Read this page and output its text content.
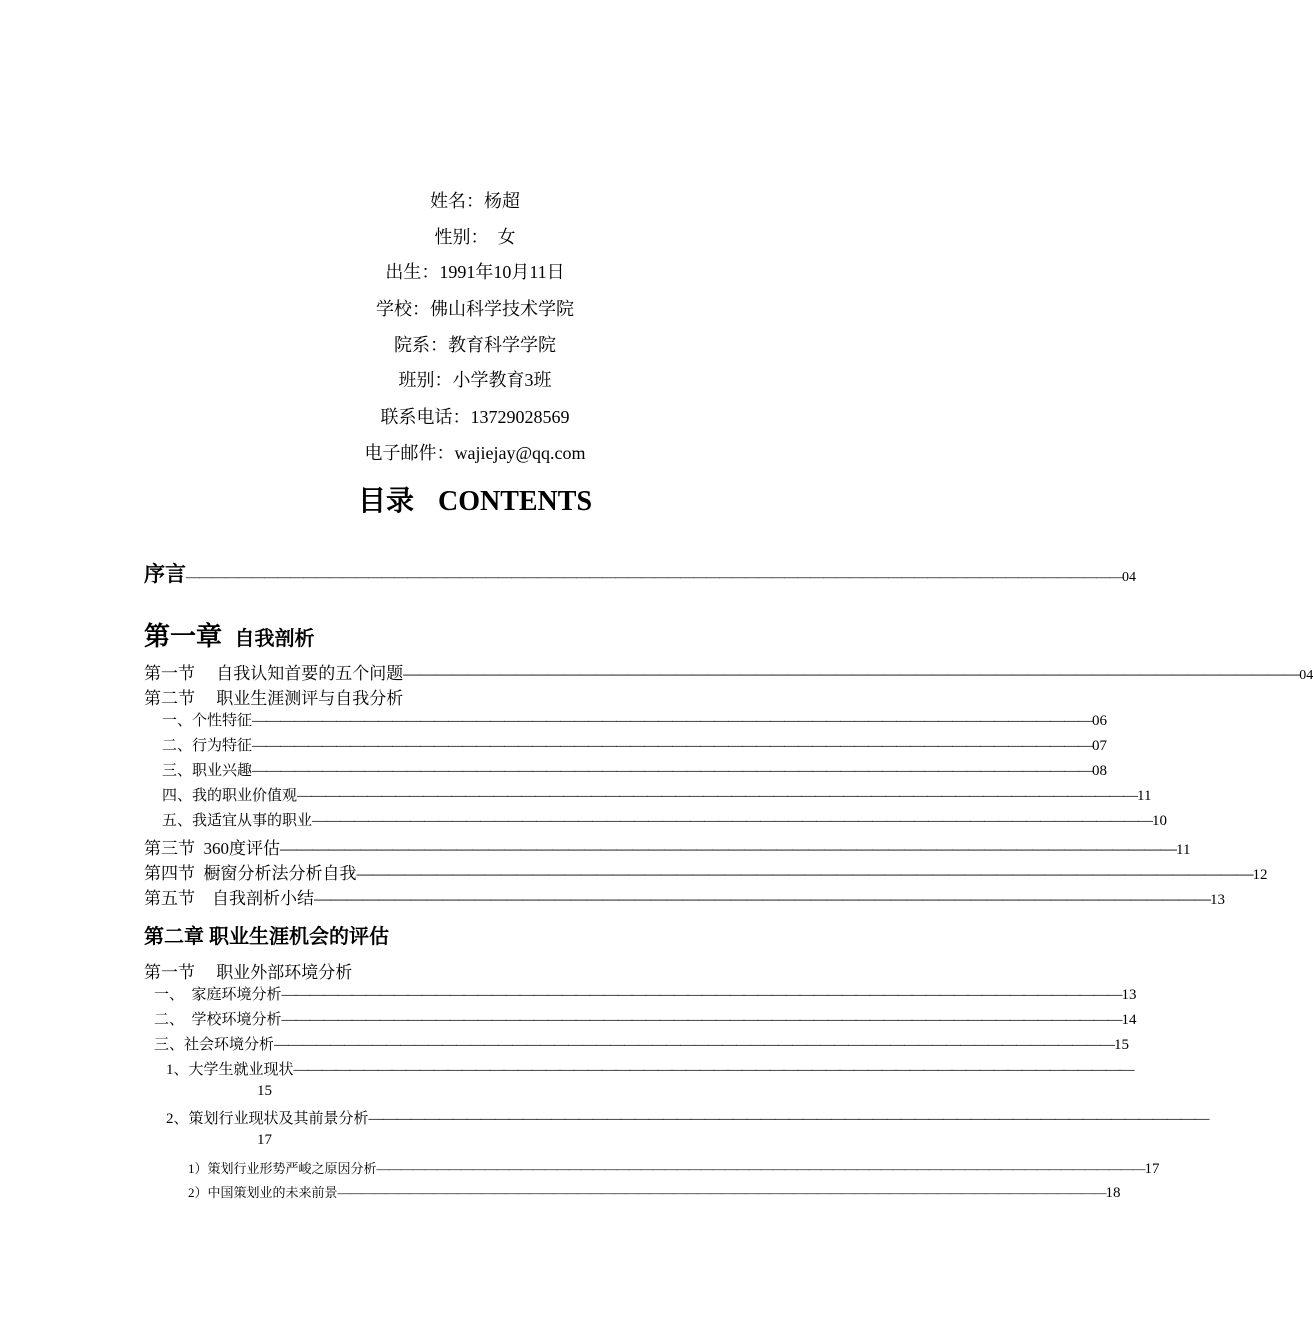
姓名：杨超
性别：　女
出生：1991年10月11日
学校：佛山科学技术学院
院系：教育科学学院
班别：小学教育3班
联系电话：13729028569
电子邮件：wajiejay@qq.com
目录 CONTENTS
序言 ———————————————————————————————————————————————————————————————————————— 04
第一章 自我剖析
第一节　 自我认知首要的五个问题 ———————————————————————————————————————————————————————— 04
第二节　 职业生涯测评与自我分析
一、个性特征 ———————————————————————————————————————————————————————————— 06
二、行为特征 ———————————————————————————————————————————————————————————— 07
三、职业兴趣 ———————————————————————————————————————————————————————————— 08
四、我的职业价值观 ———————————————————————————————————————————————————————————— 11
五、我适宜从事的职业 ———————————————————————————————————————————————————————————— 10
第三节  360度评估 ———————————————————————————————————————————————————————— 11
第四节  橱窗分析法分析自我 ———————————————————————————————————————————————————————— 12
第五节　自我剖析小结 ———————————————————————————————————————————————————————— 13
第二章 职业生涯机会的评估
第一节　 职业外部环境分析
一、　家庭环境分析 ———————————————————————————————————————————————————————————— 13
二、　学校环境分析 ———————————————————————————————————————————————————————————— 14
三、社会环境分析 ———————————————————————————————————————————————————————————— 15
1、大学生就业现状 ————————————————————————————————————————————————————————————
15
2、策划行业现状及其前景分析 ————————————————————————————————————————————————————————————
17
1）策划行业形势严峻之原因分析 ———————————————————————————————————————————————————————————————— 17
2）中国策划业的未来前景 ———————————————————————————————————————————————————————————————— 18
